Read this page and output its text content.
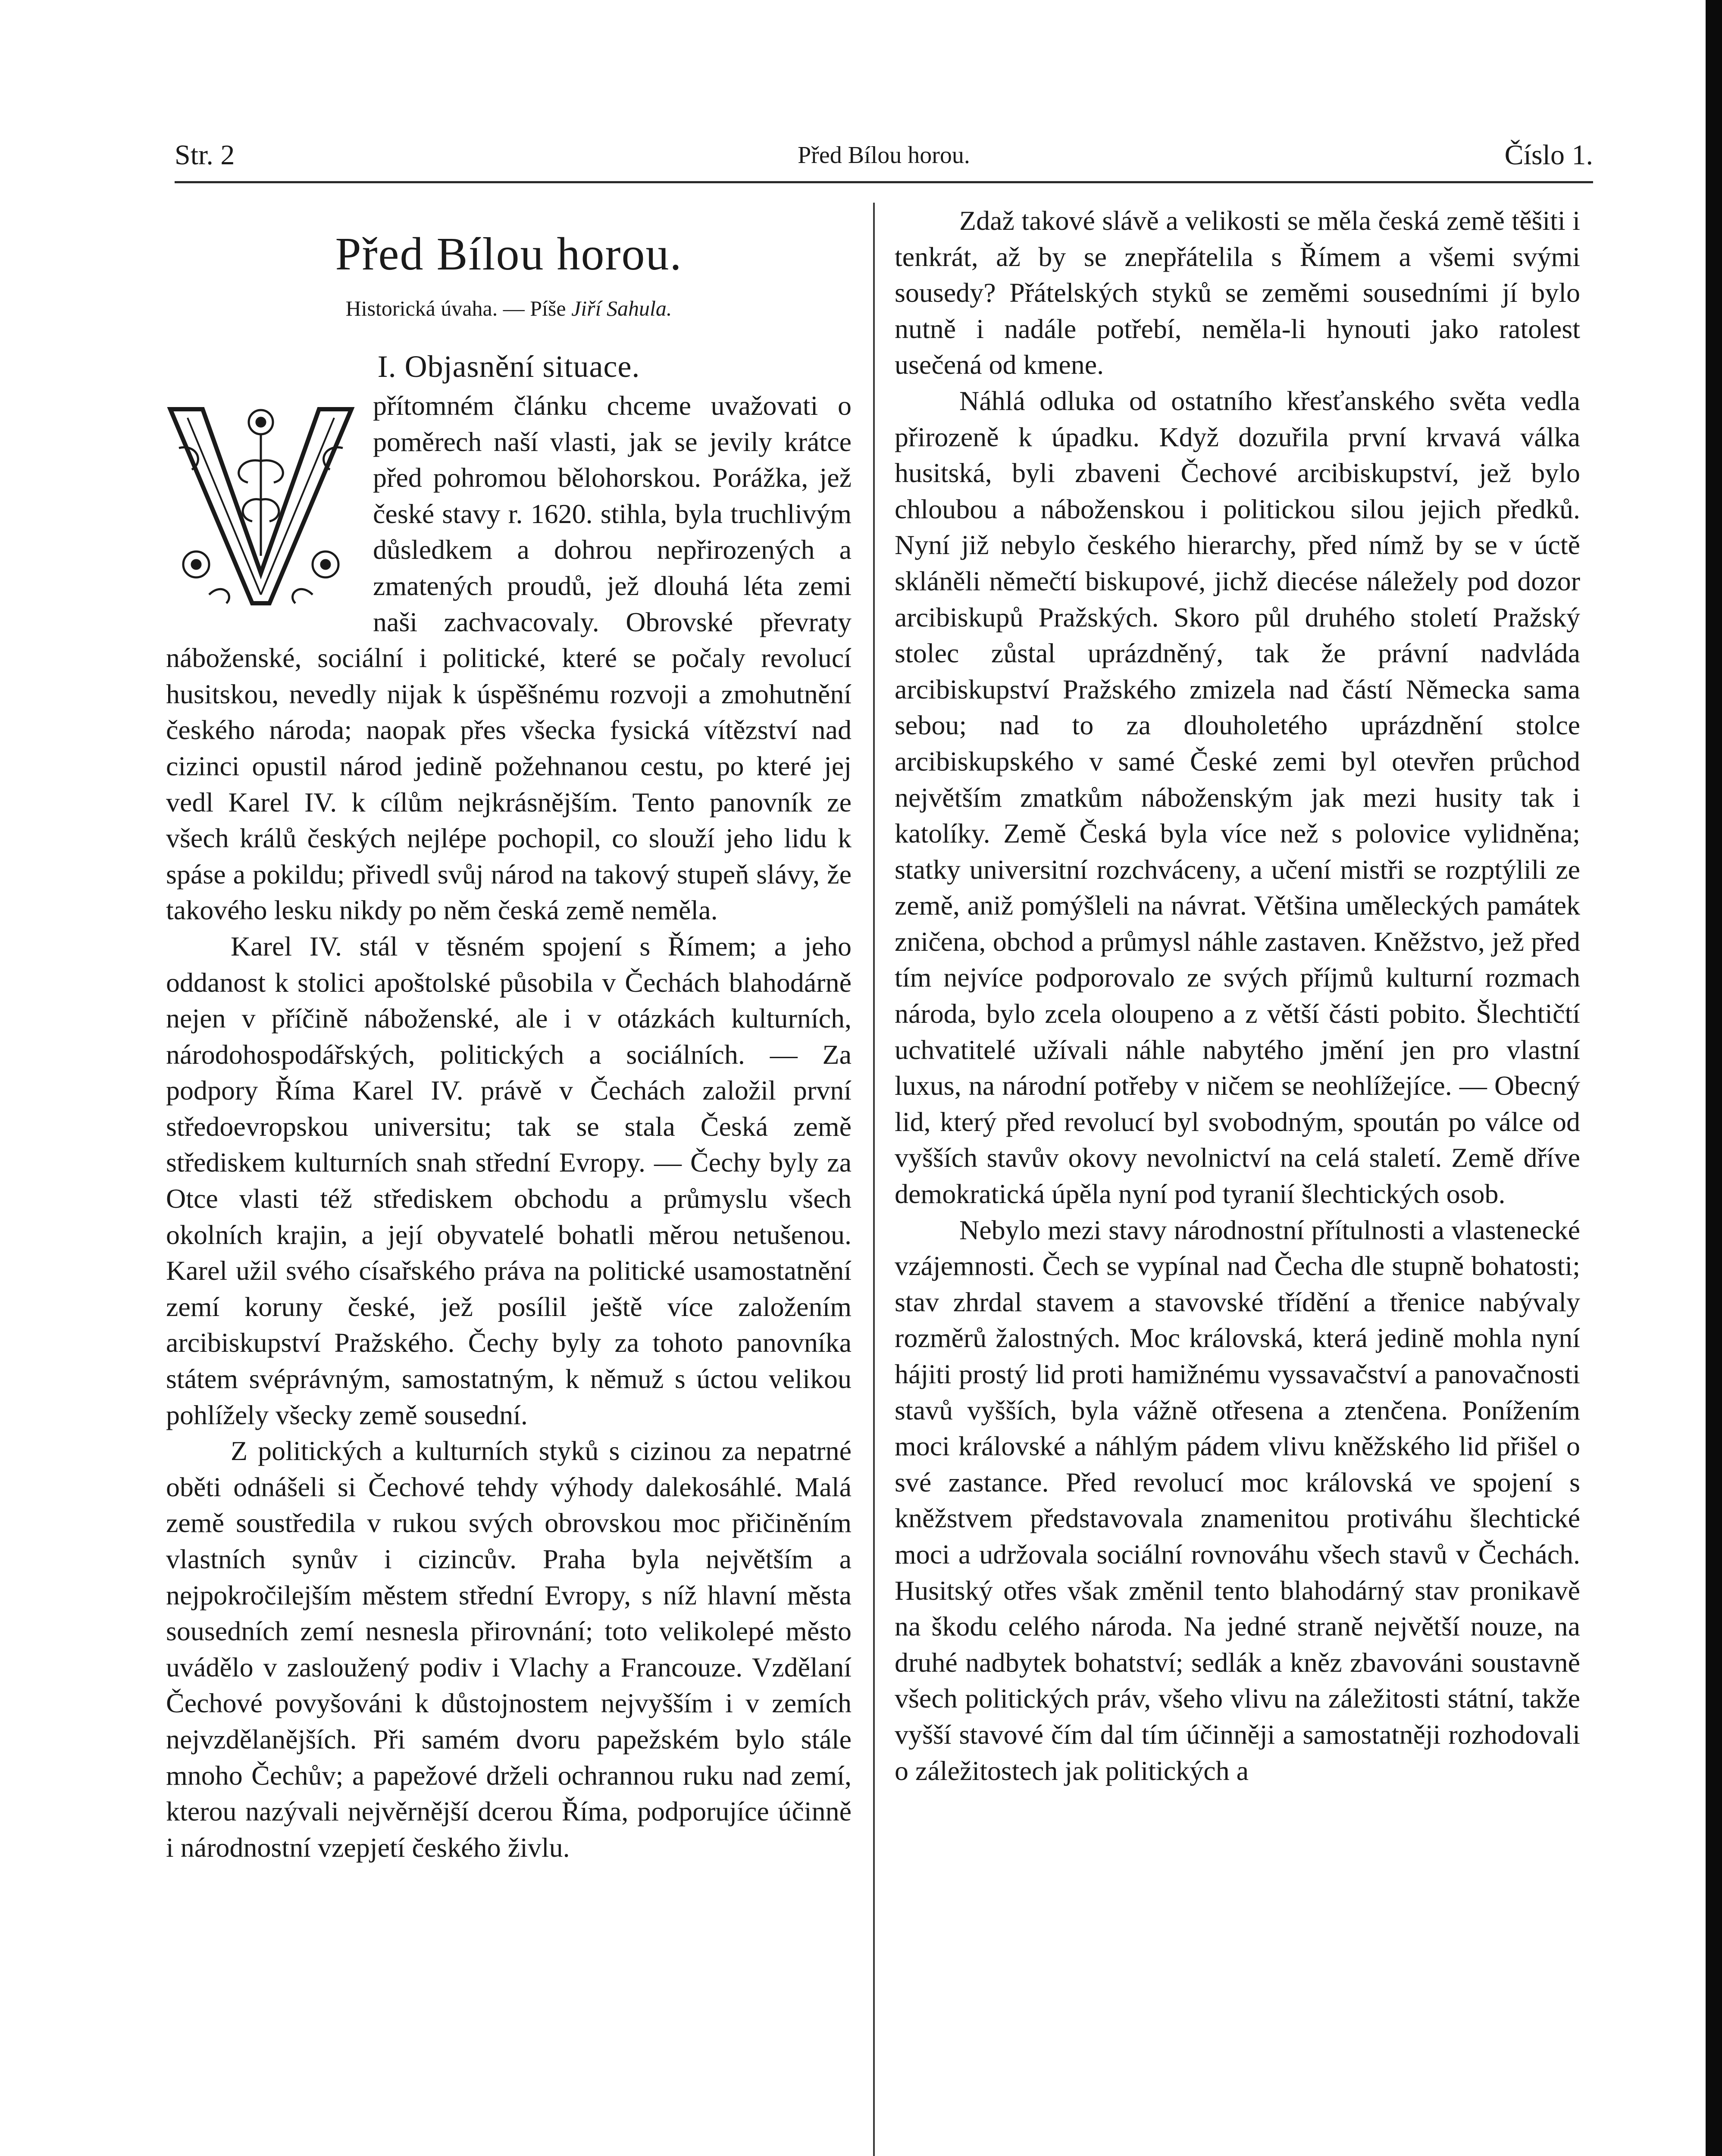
Str. 2	Před Bílou horou.	Číslo 1.
Před Bílou horou.
Historická úvaha. — Píše Jiří Sahula.
I. Objasnění situace.
V

přítomném článku chceme uvažovati o poměrech naší vlasti, jak se jevily krátce před pohromou bělohorskou. Porážka, jež české stavy r. 1620. stihla, byla truchlivým důsledkem a dohrou nepřirozených a zmatených proudů, jež dlouhá léta zemi naši zachvacovaly. Obrovské převraty náboženské, sociální i politické, které se počaly revolucí husitskou, nevedly nijak k úspěšnému rozvoji a zmohutnění českého národa; naopak přes všecka fysická vítězství nad cizinci opustil národ jedině požehnanou cestu, po které jej vedl Karel IV. k cílům nejkrásnějším. Tento panovník ze všech králů českých nejlépe pochopil, co slouží jeho lidu k spáse a pokildu; přivedl svůj národ na takový stupeň slávy, že takového lesku nikdy po něm česká země neměla.

Karel IV. stál v těsném spojení s Římem; a jeho oddanost k stolici apoštolské působila v Čechách blahodárně nejen v příčině náboženské, ale i v otázkách kulturních, národohospodářských, politických a sociálních. — Za podpory Říma Karel IV. právě v Čechách založil první středoevropskou universitu; tak se stala Česká země střediskem kulturních snah střední Evropy. — Čechy byly za Otce vlasti též střediskem obchodu a průmyslu všech okolních krajin, a její obyvatelé bohatli měrou netušenou. Karel užil svého císařského práva na politické usamostatnění zemí koruny české, jež posílil ještě více založením arcibiskupství Pražského. Čechy byly za tohoto panovníka státem svéprávným, samostatným, k němuž s úctou velikou pohlížely všecky země sousední.

Z politických a kulturních styků s cizinou za nepatrné oběti odnášeli si Čechové tehdy výhody dalekosáhlé. Malá země soustředila v rukou svých obrovskou moc přičiněním vlastních synův i cizincův. Praha byla největším a nejpokročilejším městem střední Evropy, s níž hlavní města sousedních zemí nesnesla přirovnání; toto velikolepé město uvádělo v zasloužený podiv i Vlachy a Francouze. Vzdělaní Čechové povyšováni k důstojnostem nejvyšším i v zemích nejvzdělanějších. Při samém dvoru papežském bylo stále mnoho Čechův; a papežové drželi ochrannou ruku nad zemí, kterou nazývali nejvěrnější dcerou Říma, podporujíce účinně i národnostní vzepjetí českého živlu.

Zdaž takové slávě a velikosti se měla česká země těšiti i tenkrát, až by se znepřátelila s Římem a všemi svými sousedy? Přátelských styků se zeměmi sousedními jí bylo nutně i nadále potřebí, neměla-li hynouti jako ratolest usečená od kmene.

Náhlá odluka od ostatního křesťanského světa vedla přirozeně k úpadku. Když dozuřila první krvavá válka husitská, byli zbaveni Čechové arcibiskupství, jež bylo chloubou a náboženskou i politickou silou jejich předků. Nyní již nebylo českého hierarchy, před nímž by se v úctě skláněli němečtí biskupové, jichž diecése náležely pod dozor arcibiskupů Pražských. Skoro půl druhého století Pražský stolec zůstal uprázdněný, tak že právní nadvláda arcibiskupství Pražského zmizela nad částí Německa sama sebou; nad to za dlouholetého uprázdnění stolce arcibiskupského v samé České zemi byl otevřen průchod největším zmatkům náboženským jak mezi husity tak i katolíky. Země Česká byla více než s polovice vylidněna; statky universitní rozchváceny, a učení mistři se rozptýlili ze země, aniž pomýšleli na návrat. Většina uměleckých památek zničena, obchod a průmysl náhle zastaven. Kněžstvo, jež před tím nejvíce podporovalo ze svých příjmů kulturní rozmach národa, bylo zcela oloupeno a z větší části pobito. Šlechtičtí uchvatitelé užívali náhle nabytého jmění jen pro vlastní luxus, na národní potřeby v ničem se neohlížejíce. — Obecný lid, který před revolucí byl svobodným, spoután po válce od vyšších stavův okovy nevolnictví na celá staletí. Země dříve demokratická úpěla nyní pod tyranií šlechtických osob.

Nebylo mezi stavy národnostní přítulnosti a vlastenecké vzájemnosti. Čech se vypínal nad Čecha dle stupně bohatosti; stav zhrdal stavem a stavovské třídění a třenice nabývaly rozměrů žalostných. Moc královská, která jedině mohla nyní hájiti prostý lid proti hamižnému vyssavačství a panovačnosti stavů vyšších, byla vážně otřesena a ztenčena. Ponížením moci královské a náhlým pádem vlivu kněžského lid přišel o své zastance. Před revolucí moc královská ve spojení s kněžstvem představovala znamenitou protiváhu šlechtické moci a udržovala sociální rovnováhu všech stavů v Čechách. Husitský otřes však změnil tento blahodárný stav pronikavě na škodu celého národa. Na jedné straně největší nouze, na druhé nadbytek bohatství; sedlák a kněz zbavováni soustavně všech politických práv, všeho vlivu na záležitosti státní, takže vyšší stavové čím dal tím účinněji a samostatněji rozhodovali o záležitostech jak politických a
